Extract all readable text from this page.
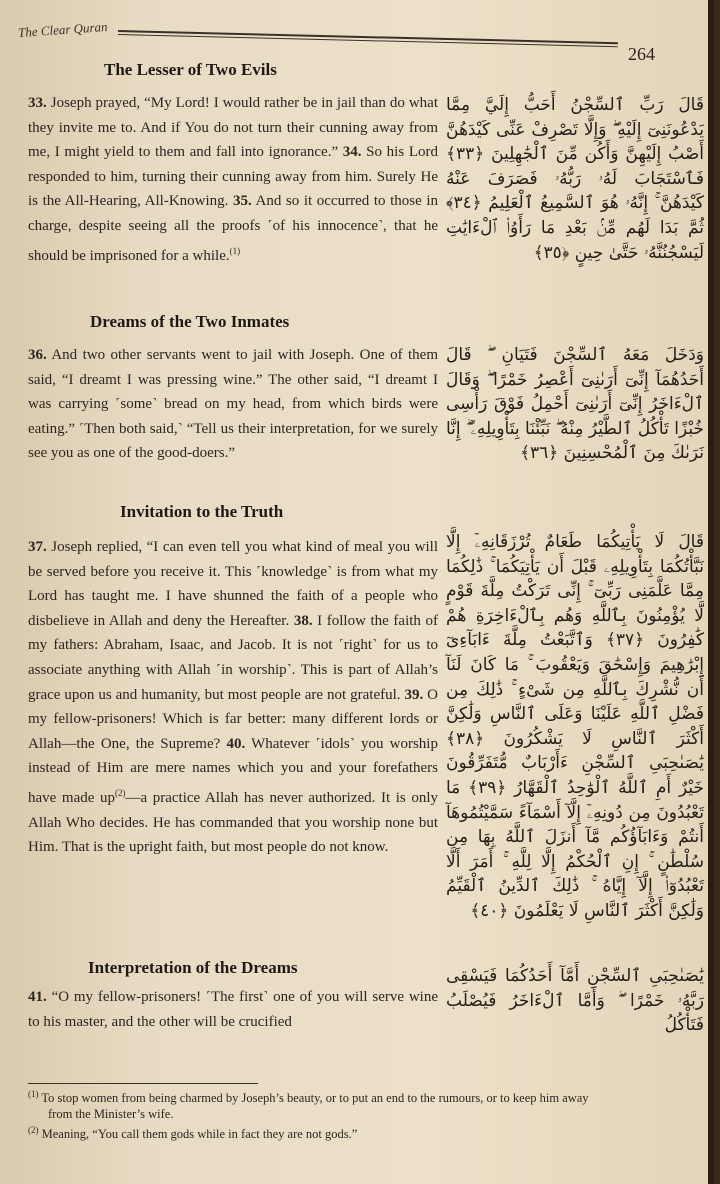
The Clear Quran
264
The Lesser of Two Evils
33. Joseph prayed, “My Lord! I would rather be in jail than do what they invite me to. And if You do not turn their cunning away from me, I might yield to them and fall into ignorance.” 34. So his Lord responded to him, turning their cunning away from him. Surely He is the All-Hearing, All-Knowing. 35. And so it occurred to those in charge, despite seeing all the proofs ˹of his innocence˺, that he should be imprisoned for a while.$^{(1)}$
قَالَ رَبِّ ٱلسِّجْنُ أَحَبُّ إِلَيَّ مِمَّا يَدْعُونَنِىٓ إِلَيْهِ ۖ وَإِلَّا تَصْرِفْ عَنِّى كَيْدَهُنَّ أَصْبُ إِلَيْهِنَّ وَأَكُن مِّنَ ٱلْجَٰهِلِينَ ﴿٣٣﴾ فَٱسْتَجَابَ لَهُۥ رَبُّهُۥ فَصَرَفَ عَنْهُ كَيْدَهُنَّ ۚ إِنَّهُۥ هُوَ ٱلسَّمِيعُ ٱلْعَلِيمُ ﴿٣٤﴾ ثُمَّ بَدَا لَهُم مِّنۢ بَعْدِ مَا رَأَوُا۟ ٱلْءَايَٰتِ لَيَسْجُنُنَّهُۥ حَتَّىٰ حِينٍ ﴿٣٥﴾
Dreams of the Two Inmates
36. And two other servants went to jail with Joseph. One of them said, “I dreamt I was pressing wine.” The other said, “I dreamt I was carrying ˹some˺ bread on my head, from which birds were eating.” ˹Then both said,˺ “Tell us their interpretation, for we surely see you as one of the good-doers.”
وَدَخَلَ مَعَهُ ٱلسِّجْنَ فَتَيَانِ ۖ قَالَ أَحَدُهُمَآ إِنِّىٓ أَرَىٰنِىٓ أَعْصِرُ خَمْرًا ۖ وَقَالَ ٱلْءَاخَرُ إِنِّىٓ أَرَىٰنِىٓ أَحْمِلُ فَوْقَ رَأْسِى خُبْزًا تَأْكُلُ ٱلطَّيْرُ مِنْهُ ۖ نَبِّئْنَا بِتَأْوِيلِهِۦٓ ۖ إِنَّا نَرَىٰكَ مِنَ ٱلْمُحْسِنِينَ ﴿٣٦﴾
Invitation to the Truth
37. Joseph replied, “I can even tell you what kind of meal you will be served before you receive it. This ˹knowledge˺ is from what my Lord has taught me. I have shunned the faith of a people who disbelieve in Allah and deny the Hereafter. 38. I follow the faith of my fathers: Abraham, Isaac, and Jacob. It is not ˹right˺ for us to associate anything with Allah ˹in worship˺. This is part of Allah’s grace upon us and humanity, but most people are not grateful. 39. O my fellow-prisoners! Which is far better: many different lords or Allah—the One, the Supreme? 40. Whatever ˹idols˺ you worship instead of Him are mere names which you and your forefathers have made $up^{(2)}—a$ practice Allah has never authorized. It is only Allah Who decides. He has commanded that you worship none but Him. That is the upright faith, but most people do not know.
قَالَ لَا يَأْتِيكُمَا طَعَامٌ تُرْزَقَانِهِۦٓ إِلَّا نَبَّأْتُكُمَا بِتَأْوِيلِهِۦ قَبْلَ أَن يَأْتِيَكُمَا ۚ ذَٰلِكُمَا مِمَّا عَلَّمَنِى رَبِّىٓ ۚ إِنِّى تَرَكْتُ مِلَّةَ قَوْمٍ لَّا يُؤْمِنُونَ بِٱللَّهِ وَهُم بِٱلْءَاخِرَةِ هُمْ كَٰفِرُونَ ﴿٣٧﴾ وَٱتَّبَعْتُ مِلَّةَ ءَابَآءِىٓ إِبْرَٰهِيمَ وَإِسْحَٰقَ وَيَعْقُوبَ ۚ مَا كَانَ لَنَآ أَن نُّشْرِكَ بِٱللَّهِ مِن شَىْءٍ ۚ ذَٰلِكَ مِن فَضْلِ ٱللَّهِ عَلَيْنَا وَعَلَى ٱلنَّاسِ وَلَٰكِنَّ أَكْثَرَ ٱلنَّاسِ لَا يَشْكُرُونَ ﴿٣٨﴾ يَٰصَىٰحِبَىِ ٱلسِّجْنِ ءَأَرْبَابٌ مُّتَفَرِّقُونَ خَيْرٌ أَمِ ٱللَّهُ ٱلْوَٰحِدُ ٱلْقَهَّارُ ﴿٣٩﴾ مَا تَعْبُدُونَ مِن دُونِهِۦٓ إِلَّآ أَسْمَآءً سَمَّيْتُمُوهَآ أَنتُمْ وَءَابَآؤُكُم مَّآ أَنزَلَ ٱللَّهُ بِهَا مِن سُلْطَٰنٍ ۚ إِنِ ٱلْحُكْمُ إِلَّا لِلَّهِ ۚ أَمَرَ أَلَّا تَعْبُدُوٓا۟ إِلَّآ إِيَّاهُ ۚ ذَٰلِكَ ٱلدِّينُ ٱلْقَيِّمُ وَلَٰكِنَّ أَكْثَرَ ٱلنَّاسِ لَا يَعْلَمُونَ ﴿٤٠﴾
Interpretation of the Dreams
41. “O my fellow-prisoners! ˹The first˺ one of you will serve wine to his master, and the other will be crucified
يَٰصَىٰحِبَىِ ٱلسِّجْنِ أَمَّآ أَحَدُكُمَا فَيَسْقِى رَبَّهُۥ خَمْرًا ۖ وَأَمَّا ٱلْءَاخَرُ فَيُصْلَبُ فَتَأْكُلُ
$^{(1)}$ To stop women from being charmed by Joseph’s beauty, or to put an end to the rumours, or to keep him away
from the Minister’s wife.
$^{(2)}$ Meaning, “You call them gods while in fact they are not gods.”
